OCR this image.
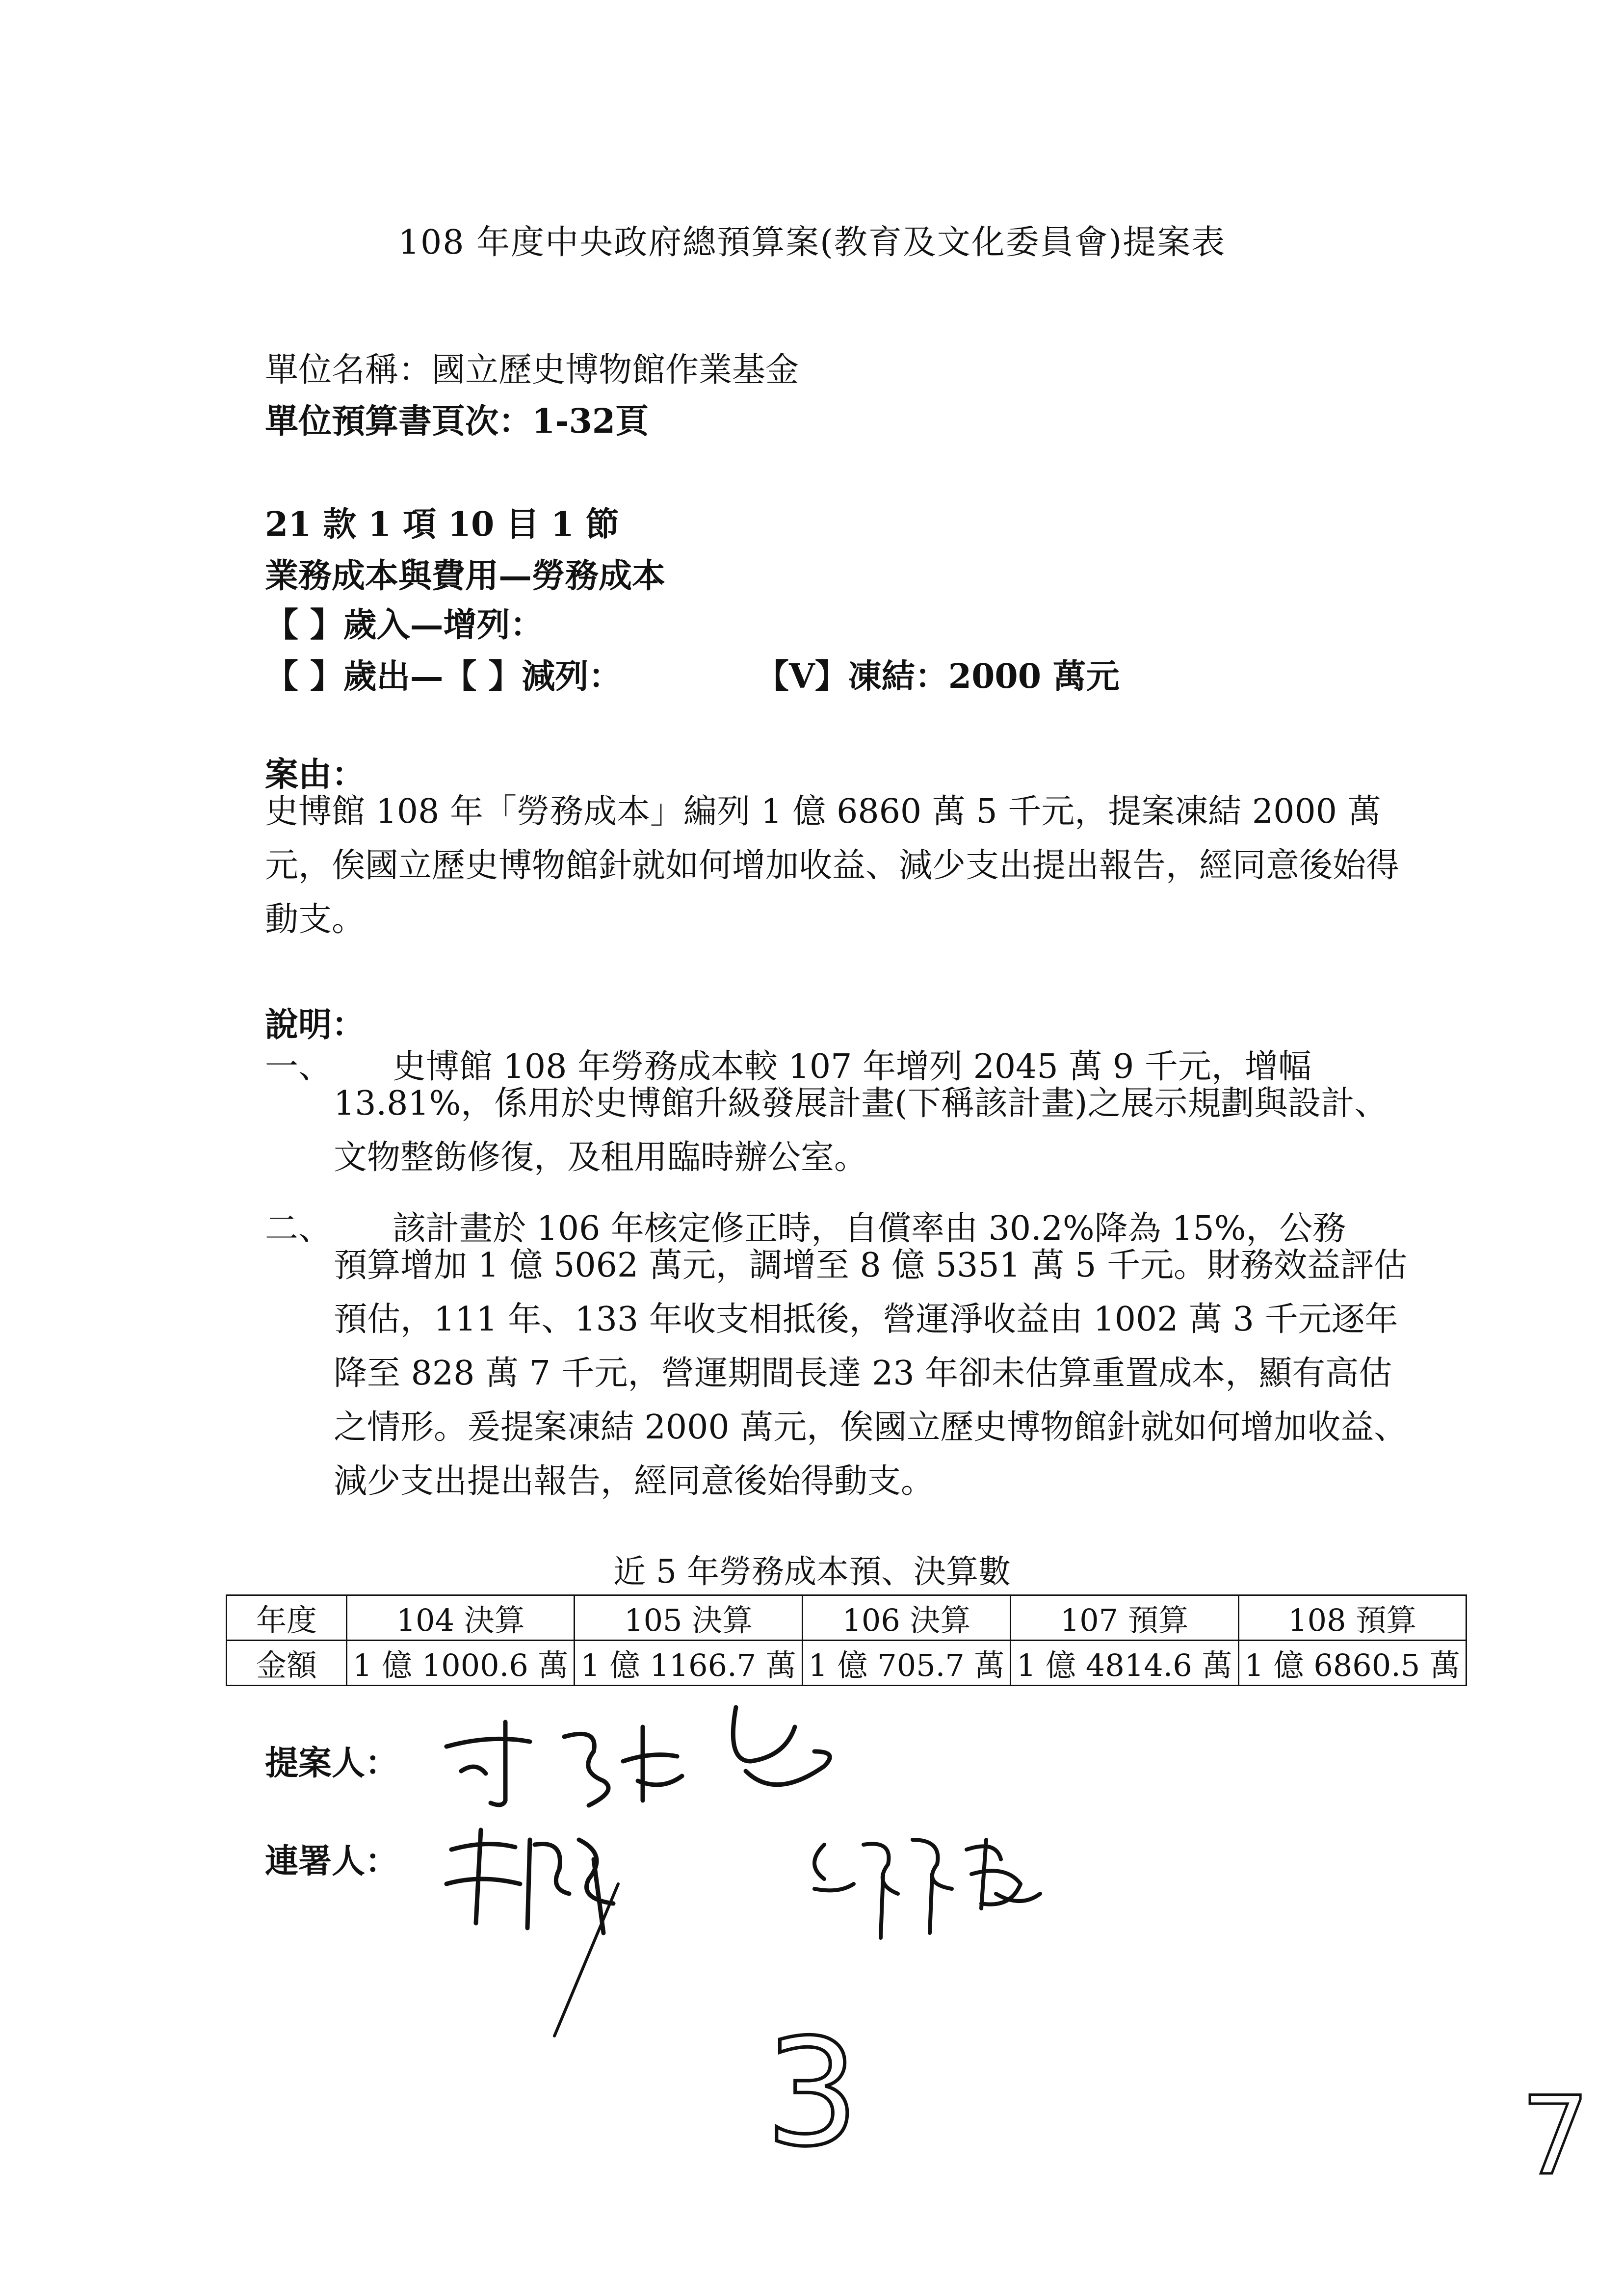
108 年度中央政府總預算案(教育及文化委員會)提案表
單位名稱：國立歷史博物館作業基金
單位預算書頁次：1-32頁
21 款 1 項 10 目 1 節
業務成本與費用—勞務成本
【 】歲入—增列：
【 】歲出—【 】減列：	【V】凍結：2000 萬元
案由：
史博館 108 年「勞務成本」編列 1 億 6860 萬 5 千元，提案凍結 2000 萬元，俟國立歷史博物館針就如何增加收益、減少支出提出報告，經同意後始得動支。
說明：
一、 史博館 108 年勞務成本較 107 年增列 2045 萬 9 千元，增幅
13.81%，係用於史博館升級發展計畫(下稱該計畫)之展示規劃與設計、文物整飭修復，及租用臨時辦公室。
二、 該計畫於 106 年核定修正時，自償率由 30.2%降為 15%，公務
預算增加 1 億 5062 萬元，調增至 8 億 5351 萬 5 千元。財務效益評估預估，111 年、133 年收支相抵後，營運淨收益由 1002 萬 3 千元逐年降至 828 萬 7 千元，營運期間長達 23 年卻未估算重置成本，顯有高估之情形。爰提案凍結 2000 萬元，俟國立歷史博物館針就如何增加收益、減少支出提出報告，經同意後始得動支。
近 5 年勞務成本預、決算數
年度	104 決算	105 決算	106 決算	107 預算	108 預算
金額	1 億 1000.6 萬	1 億 1166.7 萬	1 億 705.7 萬	1 億 4814.6 萬	1 億 6860.5 萬
提案人：
連署人：
3	7
